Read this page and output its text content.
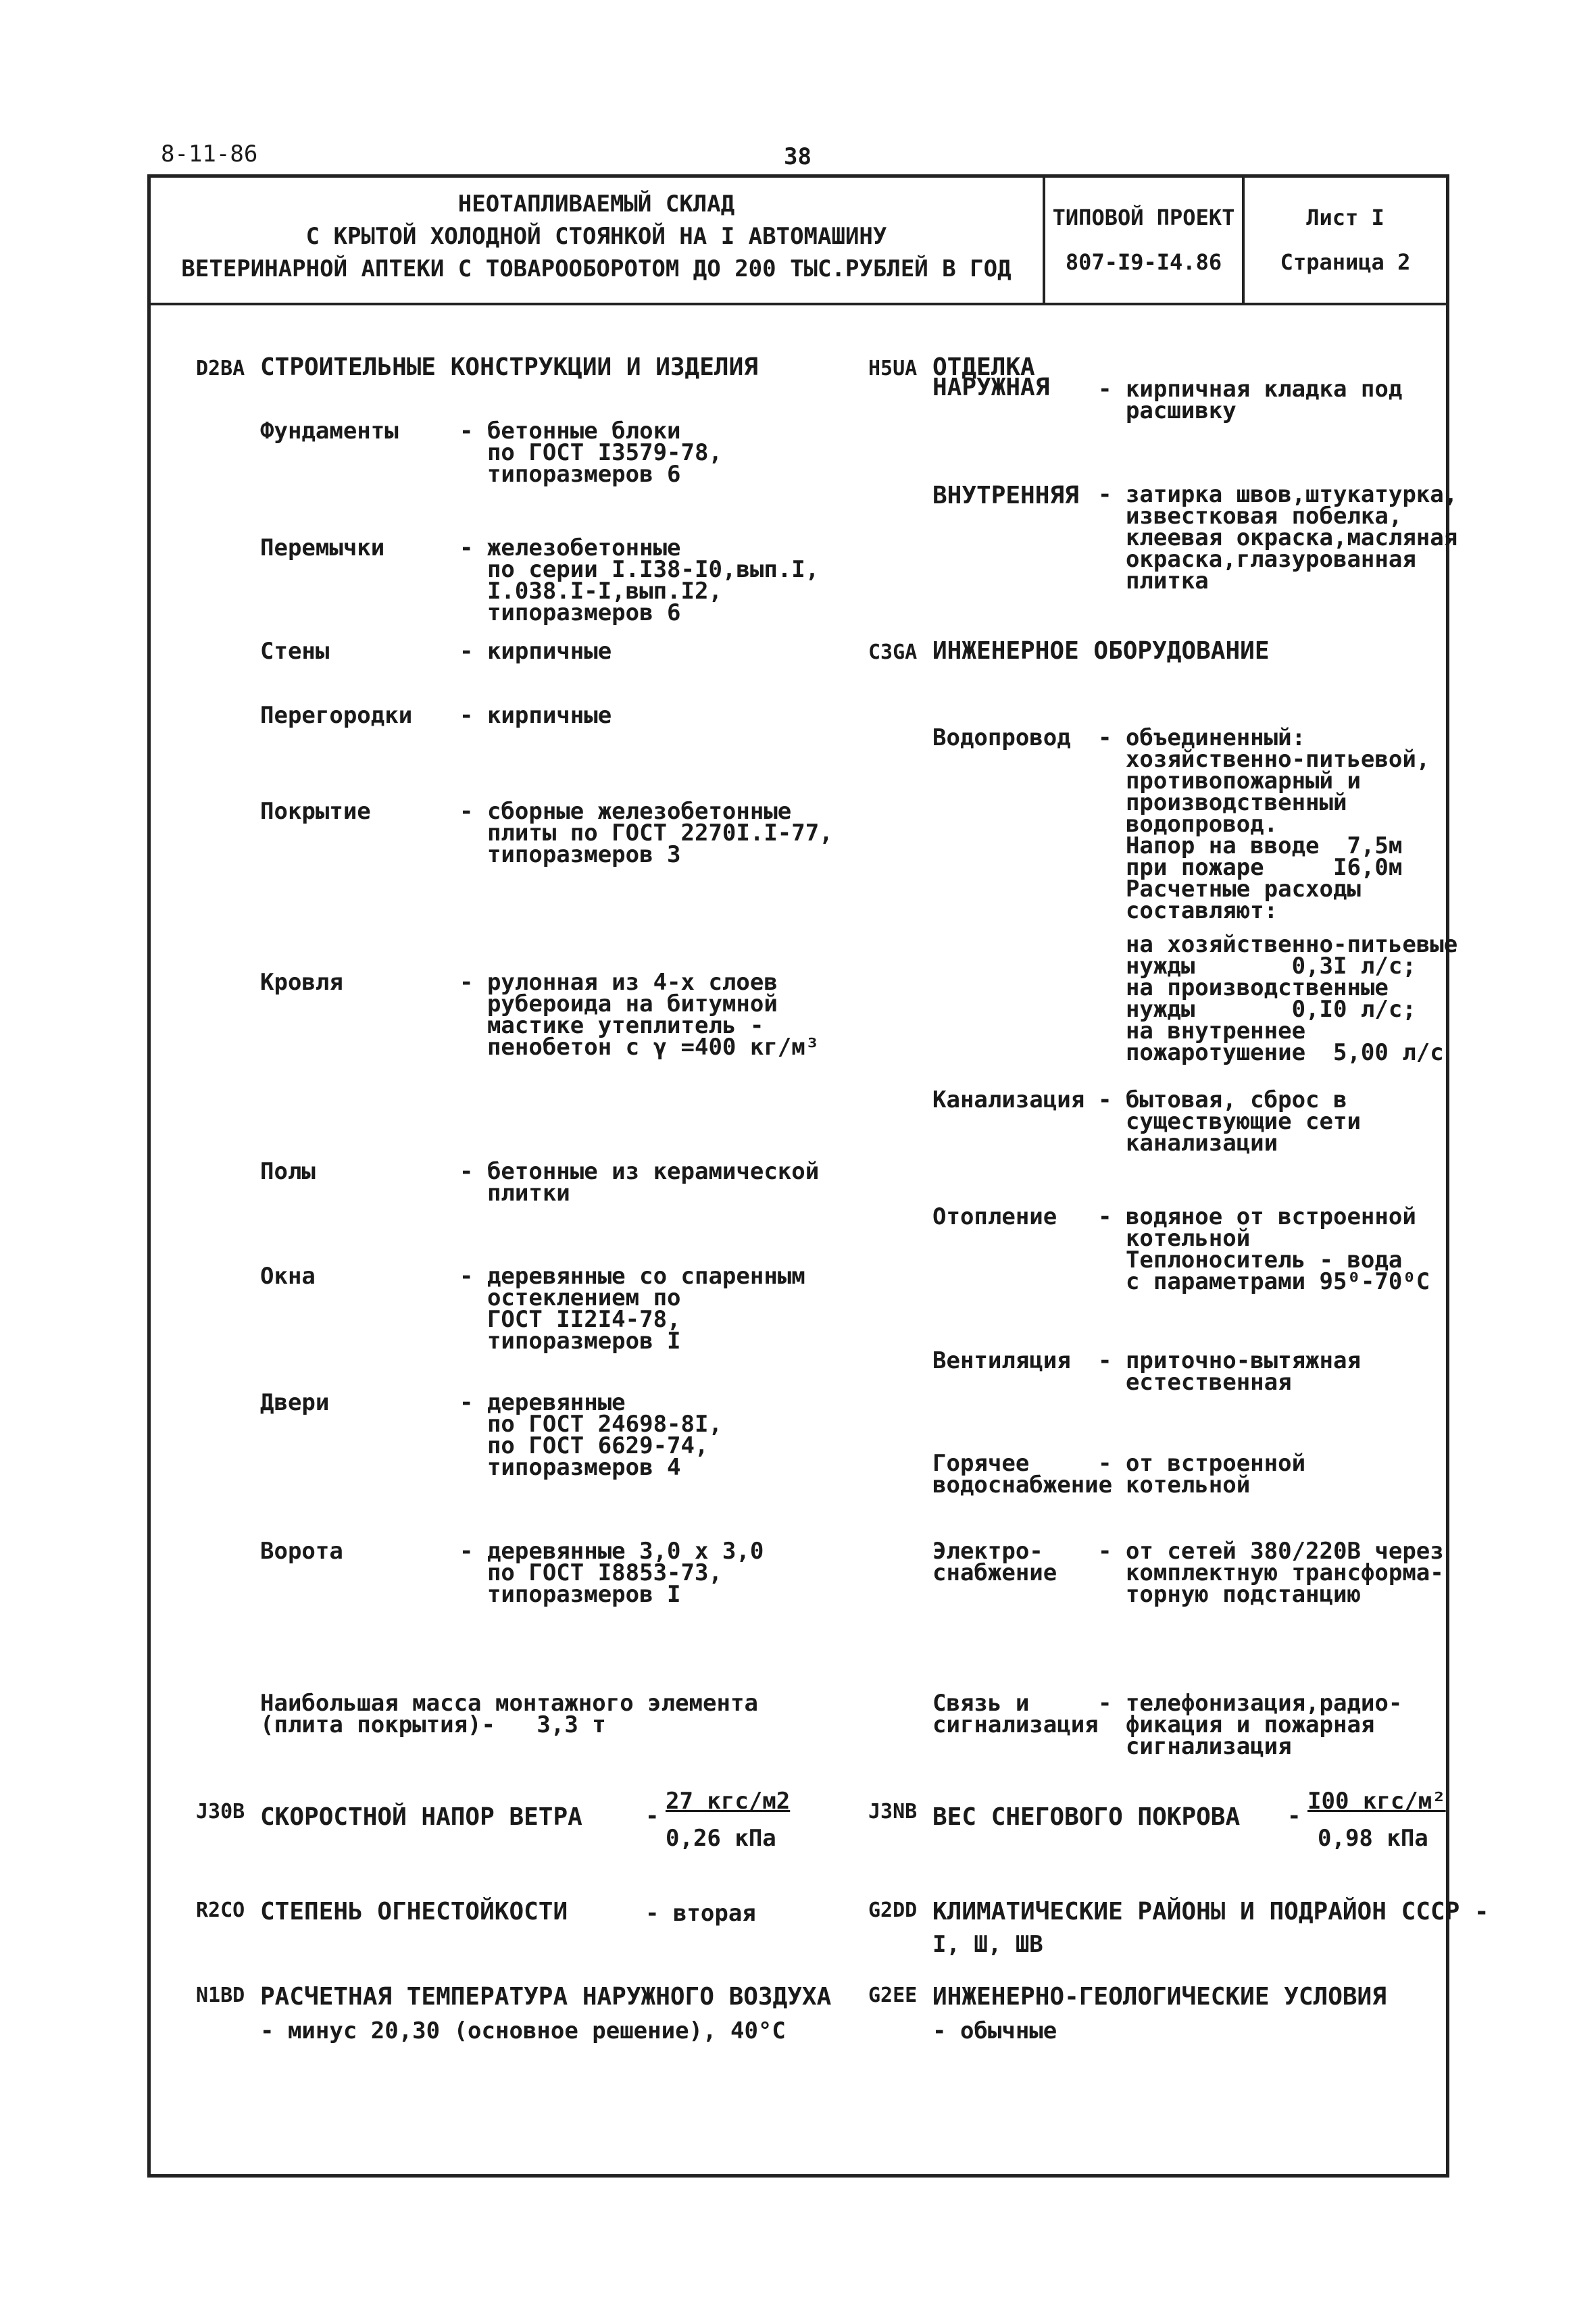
8-11-86	38
НЕОТАПЛИВАЕМЫЙ СКЛАД
С КРЫТОЙ ХОЛОДНОЙ СТОЯНКОЙ НА I АВТОМАШИНУ
ВЕТЕРИНАРНОЙ АПТЕКИ С ТОВАРООБОРОТОМ ДО 200 ТЫС.РУБЛЕЙ В ГОД
ТИПОВОЙ ПРОЕКТ
807-I9-I4.86
Лист I
Страница 2
D2BA СТРОИТЕЛЬНЫЕ КОНСТРУКЦИИ И ИЗДЕЛИЯ
Фундаменты	- бетонные блоки
по ГОСТ I3579-78,
типоразмеров 6
Перемычки	- железобетонные
по серии I.I38-I0,вып.I,
I.038.I-I,вып.I2,
типоразмеров 6
Стены	- кирпичные
Перегородки - кирпичные
Покрытие	- сборные железобетонные
плиты по ГОСТ 2270I.I-77,
типоразмеров 3
Кровля	- рулонная из 4-х слоев
рубероида на битумной
мастике утеплитель -
пенобетон с γ =400 кг/м³
Полы	- бетонные из керамической
плитки
Окна	- деревянные со спаренным
остеклением по
ГОСТ II2I4-78,
типоразмеров I
Двери	- деревянные
по ГОСТ 24698-8I,
по ГОСТ 6629-74,
типоразмеров 4
Ворота	- деревянные 3,0 x 3,0
по ГОСТ I8853-73,
типоразмеров I
Наибольшая масса монтажного элемента
(плита покрытия)-   3,3 т
H5UA ОТДЕЛКА
НАРУЖНАЯ - кирпичная кладка под
расшивку
ВНУТРЕННЯЯ - затирка швов,штукатурка,
известковая побелка,
клеевая окраска,масляная
окраска,глазурованная
плитка
C3GA ИНЖЕНЕРНОЕ ОБОРУДОВАНИЕ
Водопровод - объединенный:
хозяйственно-питьевой,
противопожарный и
производственный
водопровод.
Напор на вводе  7,5м
при пожаре     I6,0м
Расчетные расходы
составляют:
на хозяйственно-питьевые
нужды       0,3I л/с;
на производственные
нужды       0,I0 л/с;
на внутреннее
пожаротушение  5,00 л/с
Канализация - бытовая, сброс в
существующие сети
канализации
Отопление - водяное от встроенной
котельной
Теплоноситель - вода
с параметрами 95⁰-70⁰С
Вентиляция - приточно-вытяжная
естественная
Горячее
водоснабжение
- от встроенной
котельной
Электро-
снабжение
- от сетей 380/220В через
комплектную трансформа-
торную подстанцию
Связь и
сигнализация
- телефонизация,радио-
фикация и пожарная
сигнализация
J30B СКОРОСТНОЙ НАПОР ВЕТРА	-
27 кгс/м2
0,26 кПа
J3NB ВЕС СНЕГОВОГО ПОКРОВА -
I00 кгс/м²
0,98 кПа
R2CO СТЕПЕНЬ ОГНЕСТОЙКОСТИ	- вторая	G2DD КЛИМАТИЧЕСКИЕ РАЙОНЫ И ПОДРАЙОН СССР -
I, Ш, ШВ
N1BD РАСЧЕТНАЯ ТЕМПЕРАТУРА НАРУЖНОГО ВОЗДУХА
- минус 20,30 (основное решение), 40°С
G2EE ИНЖЕНЕРНО-ГЕОЛОГИЧЕСКИЕ УСЛОВИЯ
- обычные
